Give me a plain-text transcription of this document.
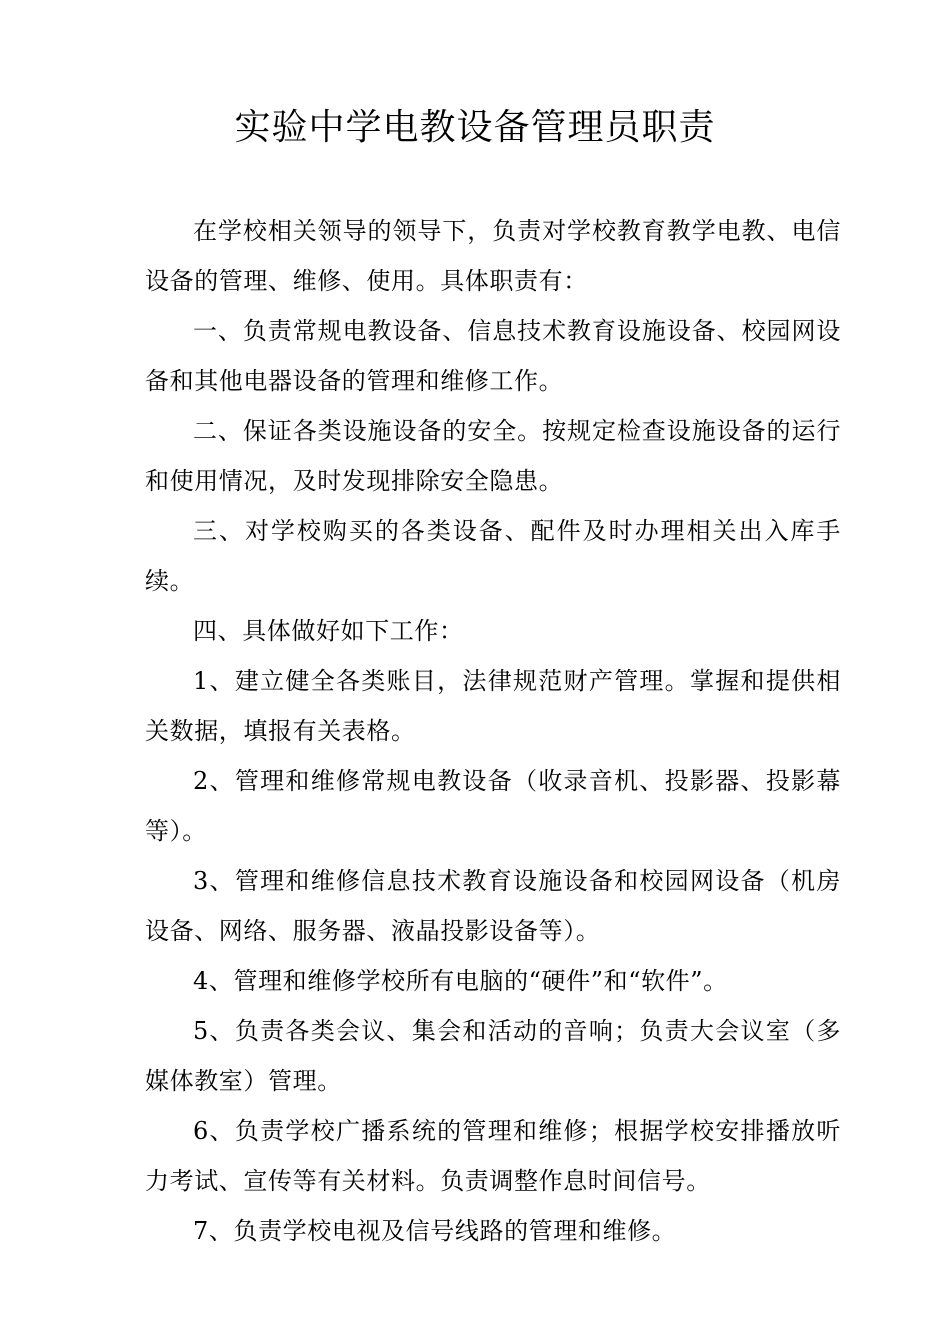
实验中学电教设备管理员职责

在学校相关领导的领导下，负责对学校教育教学电教、电信设备的管理、维修、使用。具体职责有：

一、负责常规电教设备、信息技术教育设施设备、校园网设备和其他电器设备的管理和维修工作。

二、保证各类设施设备的安全。按规定检查设施设备的运行和使用情况，及时发现排除安全隐患。

三、对学校购买的各类设备、配件及时办理相关出入库手续。

四、具体做好如下工作：

1、建立健全各类账目，法律规范财产管理。掌握和提供相关数据，填报有关表格。

2、管理和维修常规电教设备（收录音机、投影器、投影幕等）。

3、管理和维修信息技术教育设施设备和校园网设备（机房设备、网络、服务器、液晶投影设备等）。

4、管理和维修学校所有电脑的“硬件”和“软件”。

5、负责各类会议、集会和活动的音响；负责大会议室（多媒体教室）管理。

6、负责学校广播系统的管理和维修；根据学校安排播放听力考试、宣传等有关材料。负责调整作息时间信号。

7、负责学校电视及信号线路的管理和维修。
